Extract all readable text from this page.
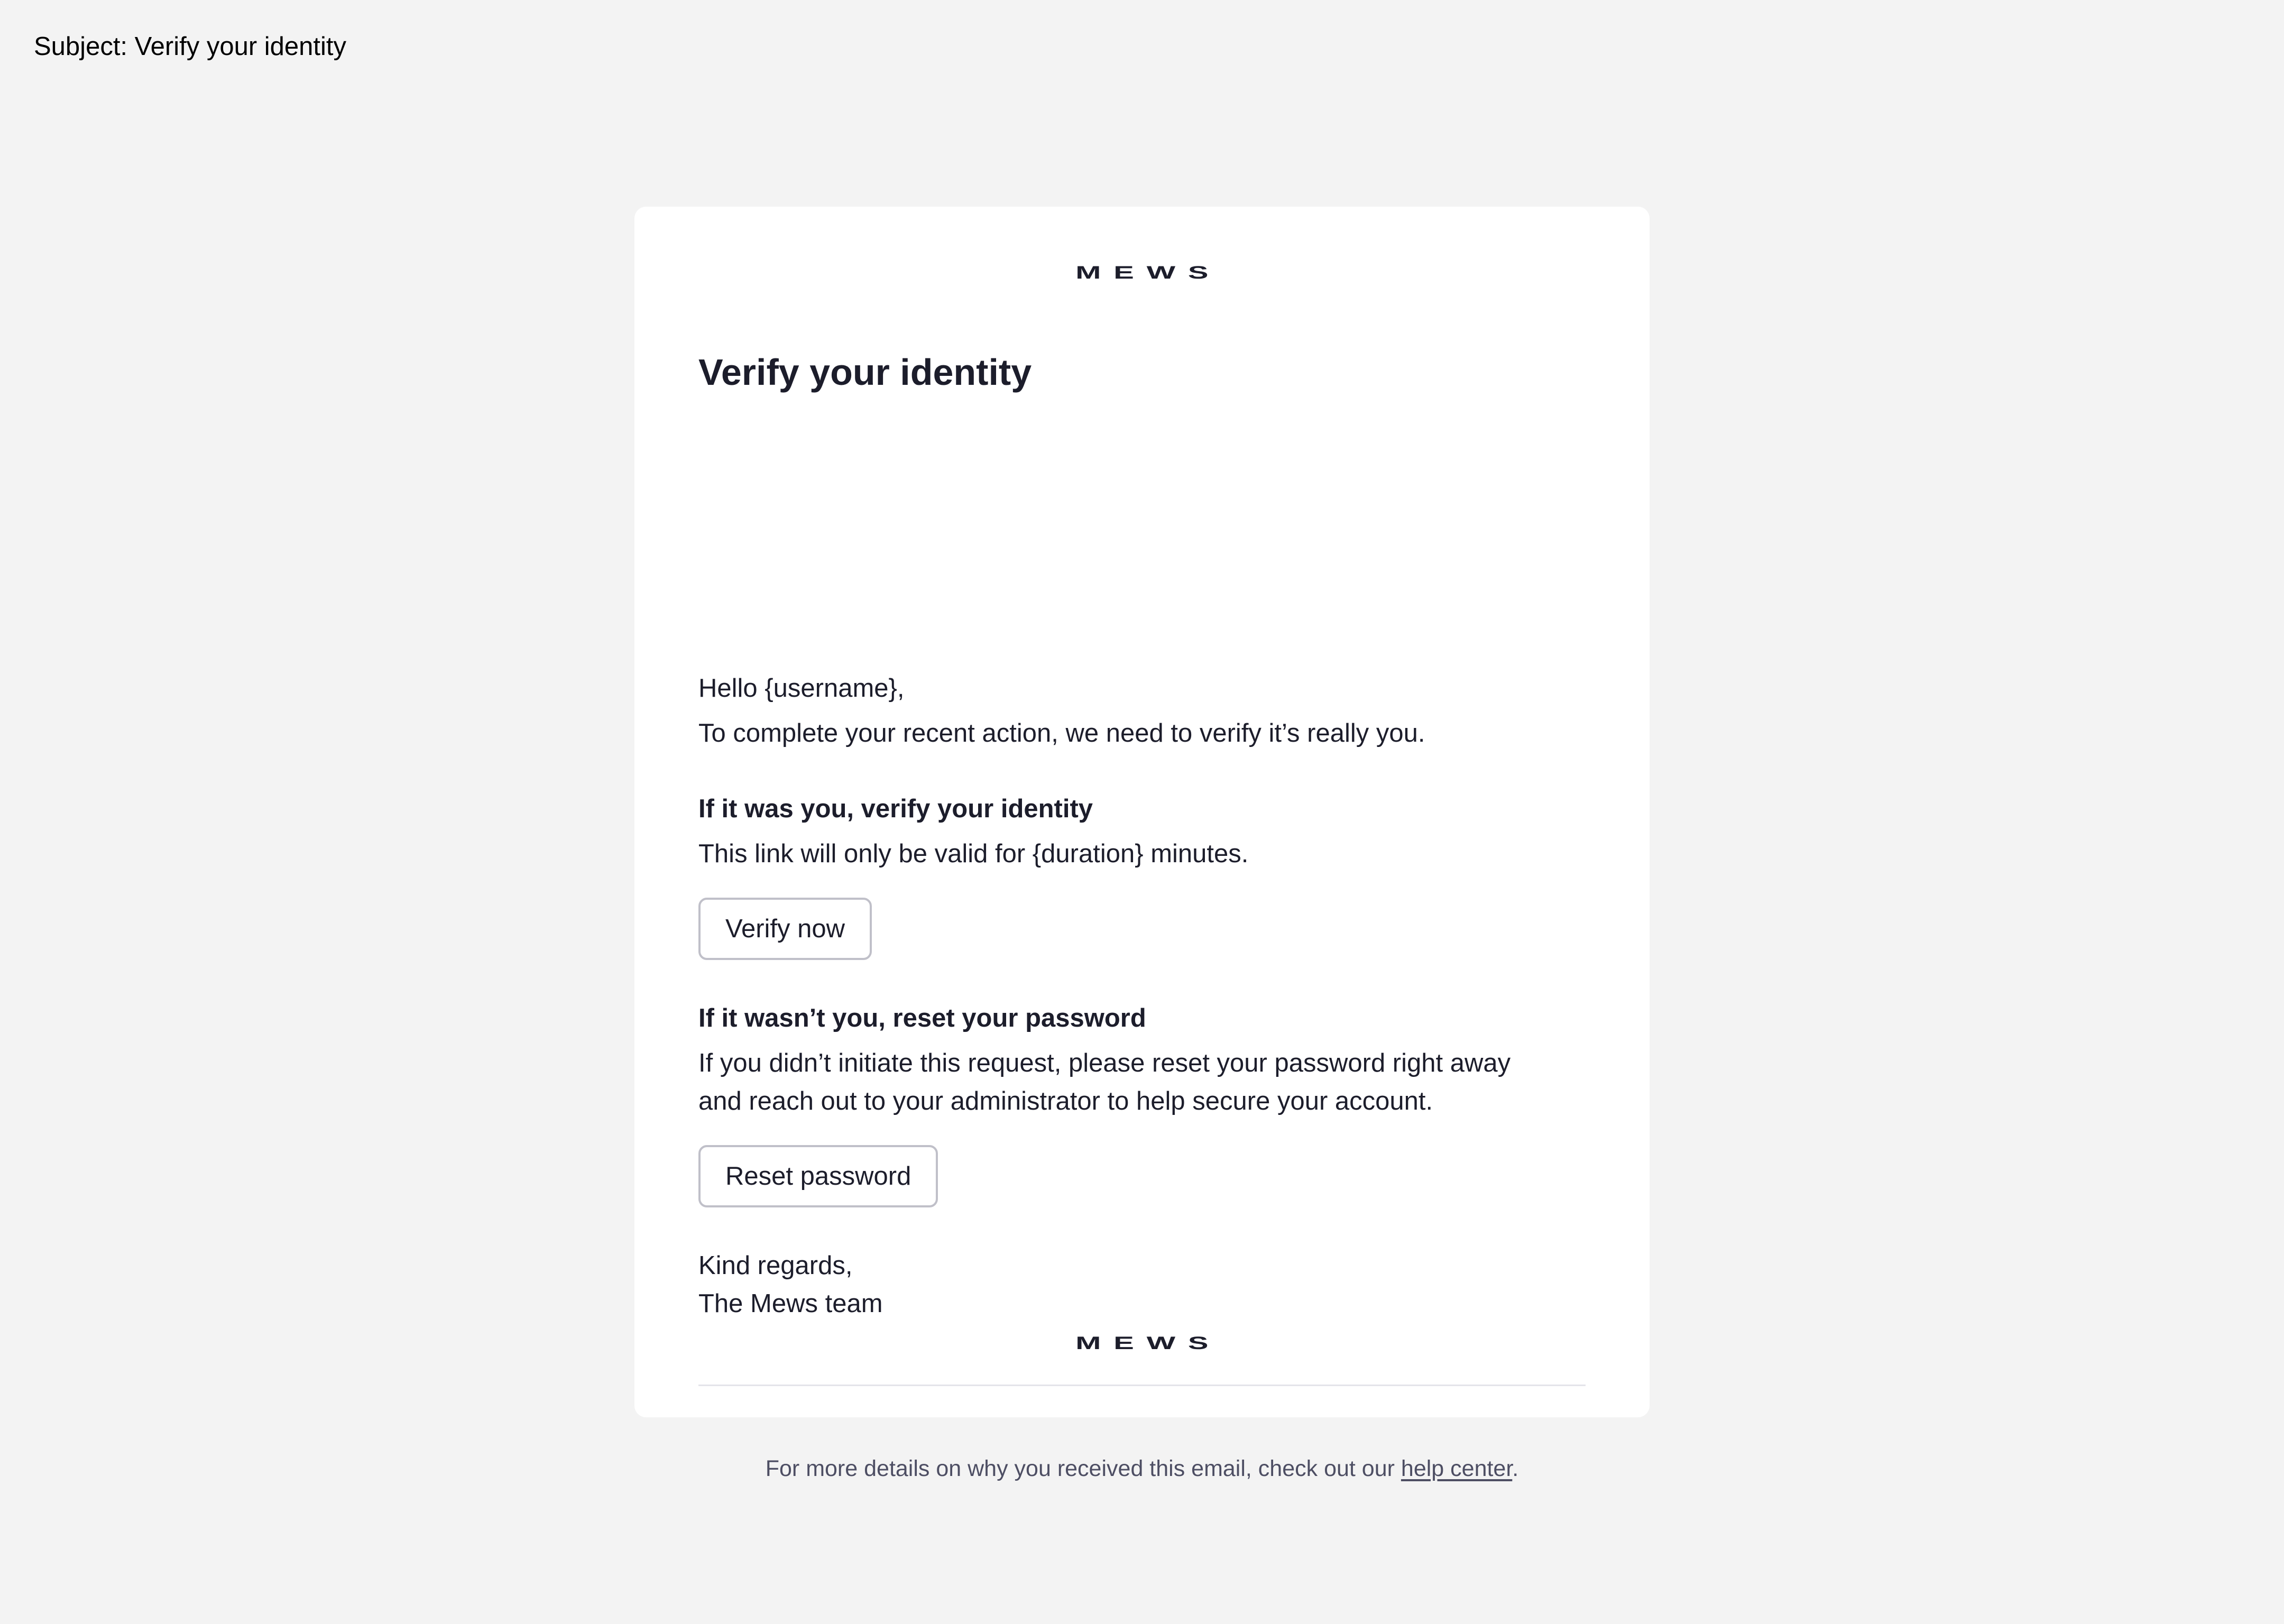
Subject: Verify your identity
MEWS
Verify your identity
Hello {username},
To complete your recent action, we need to verify it’s really you.
If it was you, verify your identity
This link will only be valid for {duration} minutes.
Verify now
If it wasn’t you, reset your password
If you didn’t initiate this request, please reset your password right away
and reach out to your administrator to help secure your account.
Reset password
Kind regards,
The Mews team
For more details on why you received this email, check out our help center.
MEWS
